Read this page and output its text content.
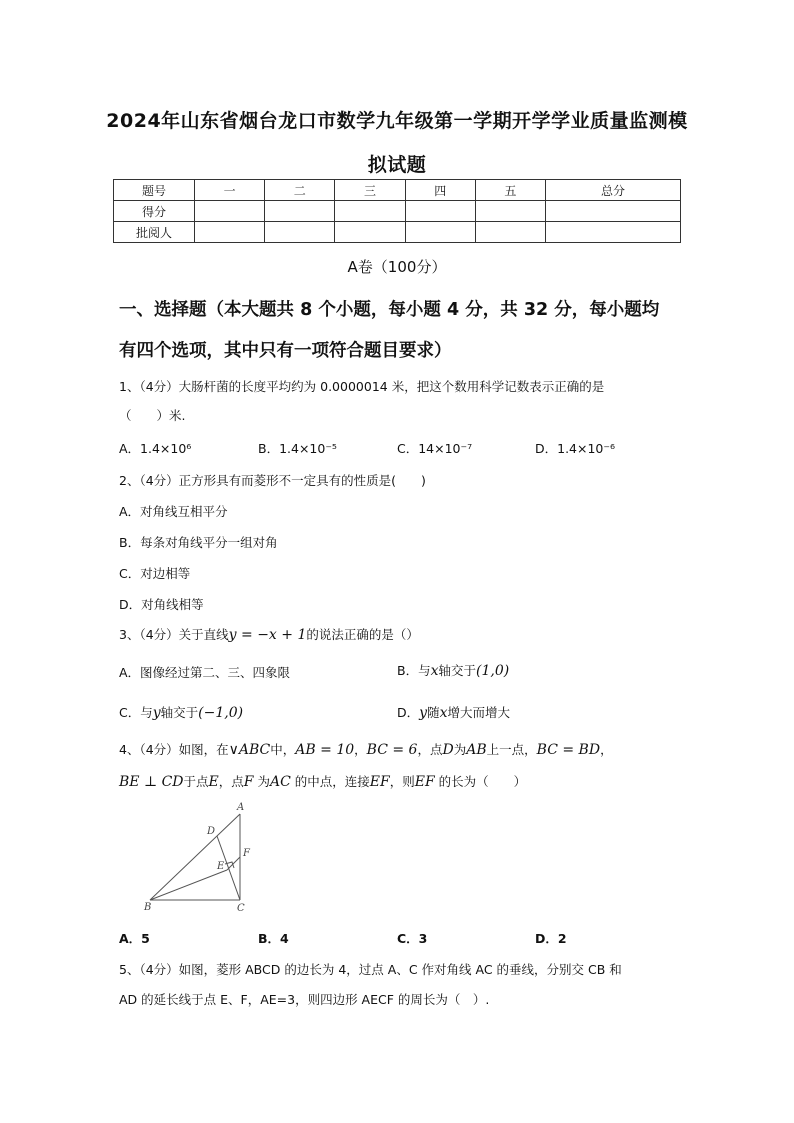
2024年山东省烟台龙口市数学九年级第一学期开学学业质量监测模
拟试题
题号	一	二	三	四	五	总分
得分						
批阅人						
A卷（100分）
一、选择题（本大题共 8 个小题，每小题 4 分，共 32 分，每小题均
有四个选项，其中只有一项符合题目要求）
1、（4分）大肠杆菌的长度平均约为 0.0000014 米，把这个数用科学记数表示正确的是
（　　）米.
A．1.4×10⁶	B．1.4×10⁻⁵	C．14×10⁻⁷	D．1.4×10⁻⁶
2、（4分）正方形具有而菱形不一定具有的性质是(　　)
A．对角线互相平分
B．每条对角线平分一组对角
C．对边相等
D．对角线相等
3、（4分）关于直线y = −x + 1的说法正确的是（）
A．图像经过第二、三、四象限	B．与x轴交于(1,0)
C．与y轴交于(−1,0)	D．y随x增大而增大
4、（4分）如图，在∨ABC中，AB = 10，BC = 6，点D为AB上一点，BC = BD，
BE ⊥ CD于点E，点F 为AC 的中点，连接EF，则EF 的长为（　　）
A
D
F
E
B	C
A．5	B．4	C．3	D．2
5、（4分）如图，菱形 ABCD 的边长为 4，过点 A、C 作对角线 AC 的垂线，分别交 CB 和
AD 的延长线于点 E、F，AE=3，则四边形 AECF 的周长为（　）.
